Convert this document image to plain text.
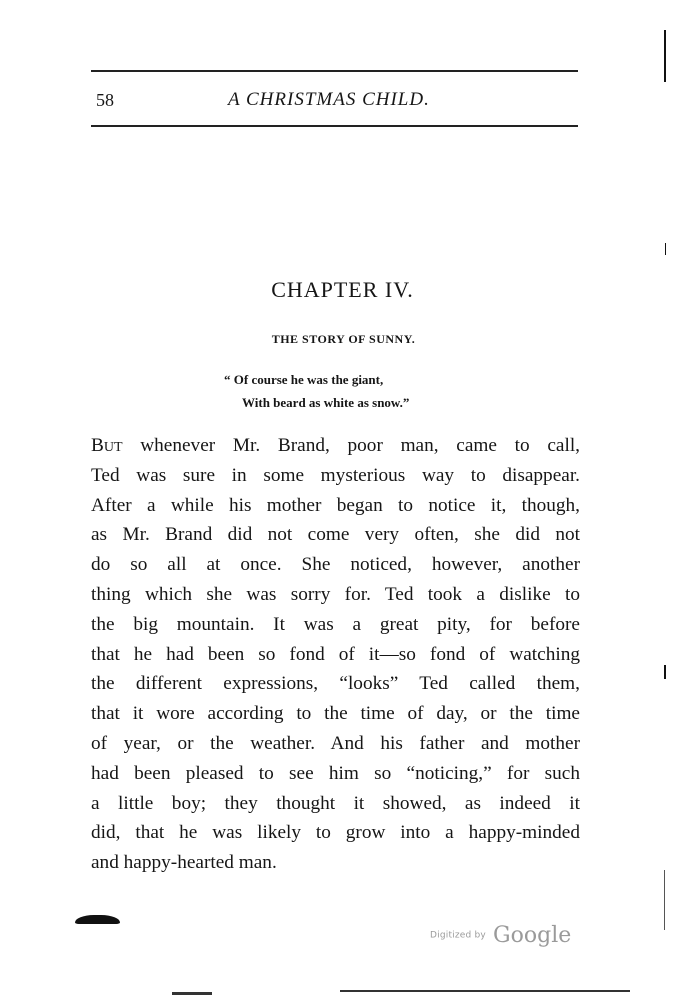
58	A CHRISTMAS CHILD.
CHAPTER IV.
THE STORY OF SUNNY.
“ Of course he was the giant,
With beard as white as snow.”
But whenever Mr. Brand, poor man, came to call,
Ted was sure in some mysterious way to disappear.
After a while his mother began to notice it, though,
as Mr. Brand did not come very often, she did not
do so all at once. She noticed, however, another
thing which she was sorry for. Ted took a dislike to
the big mountain. It was a great pity, for before
that he had been so fond of it—so fond of watching
the different expressions, “looks” Ted called them,
that it wore according to the time of day, or the time
of year, or the weather. And his father and mother
had been pleased to see him so “noticing,” for such
a little boy; they thought it showed, as indeed it
did, that he was likely to grow into a happy-minded
and happy-hearted man.
Digitized by Google
